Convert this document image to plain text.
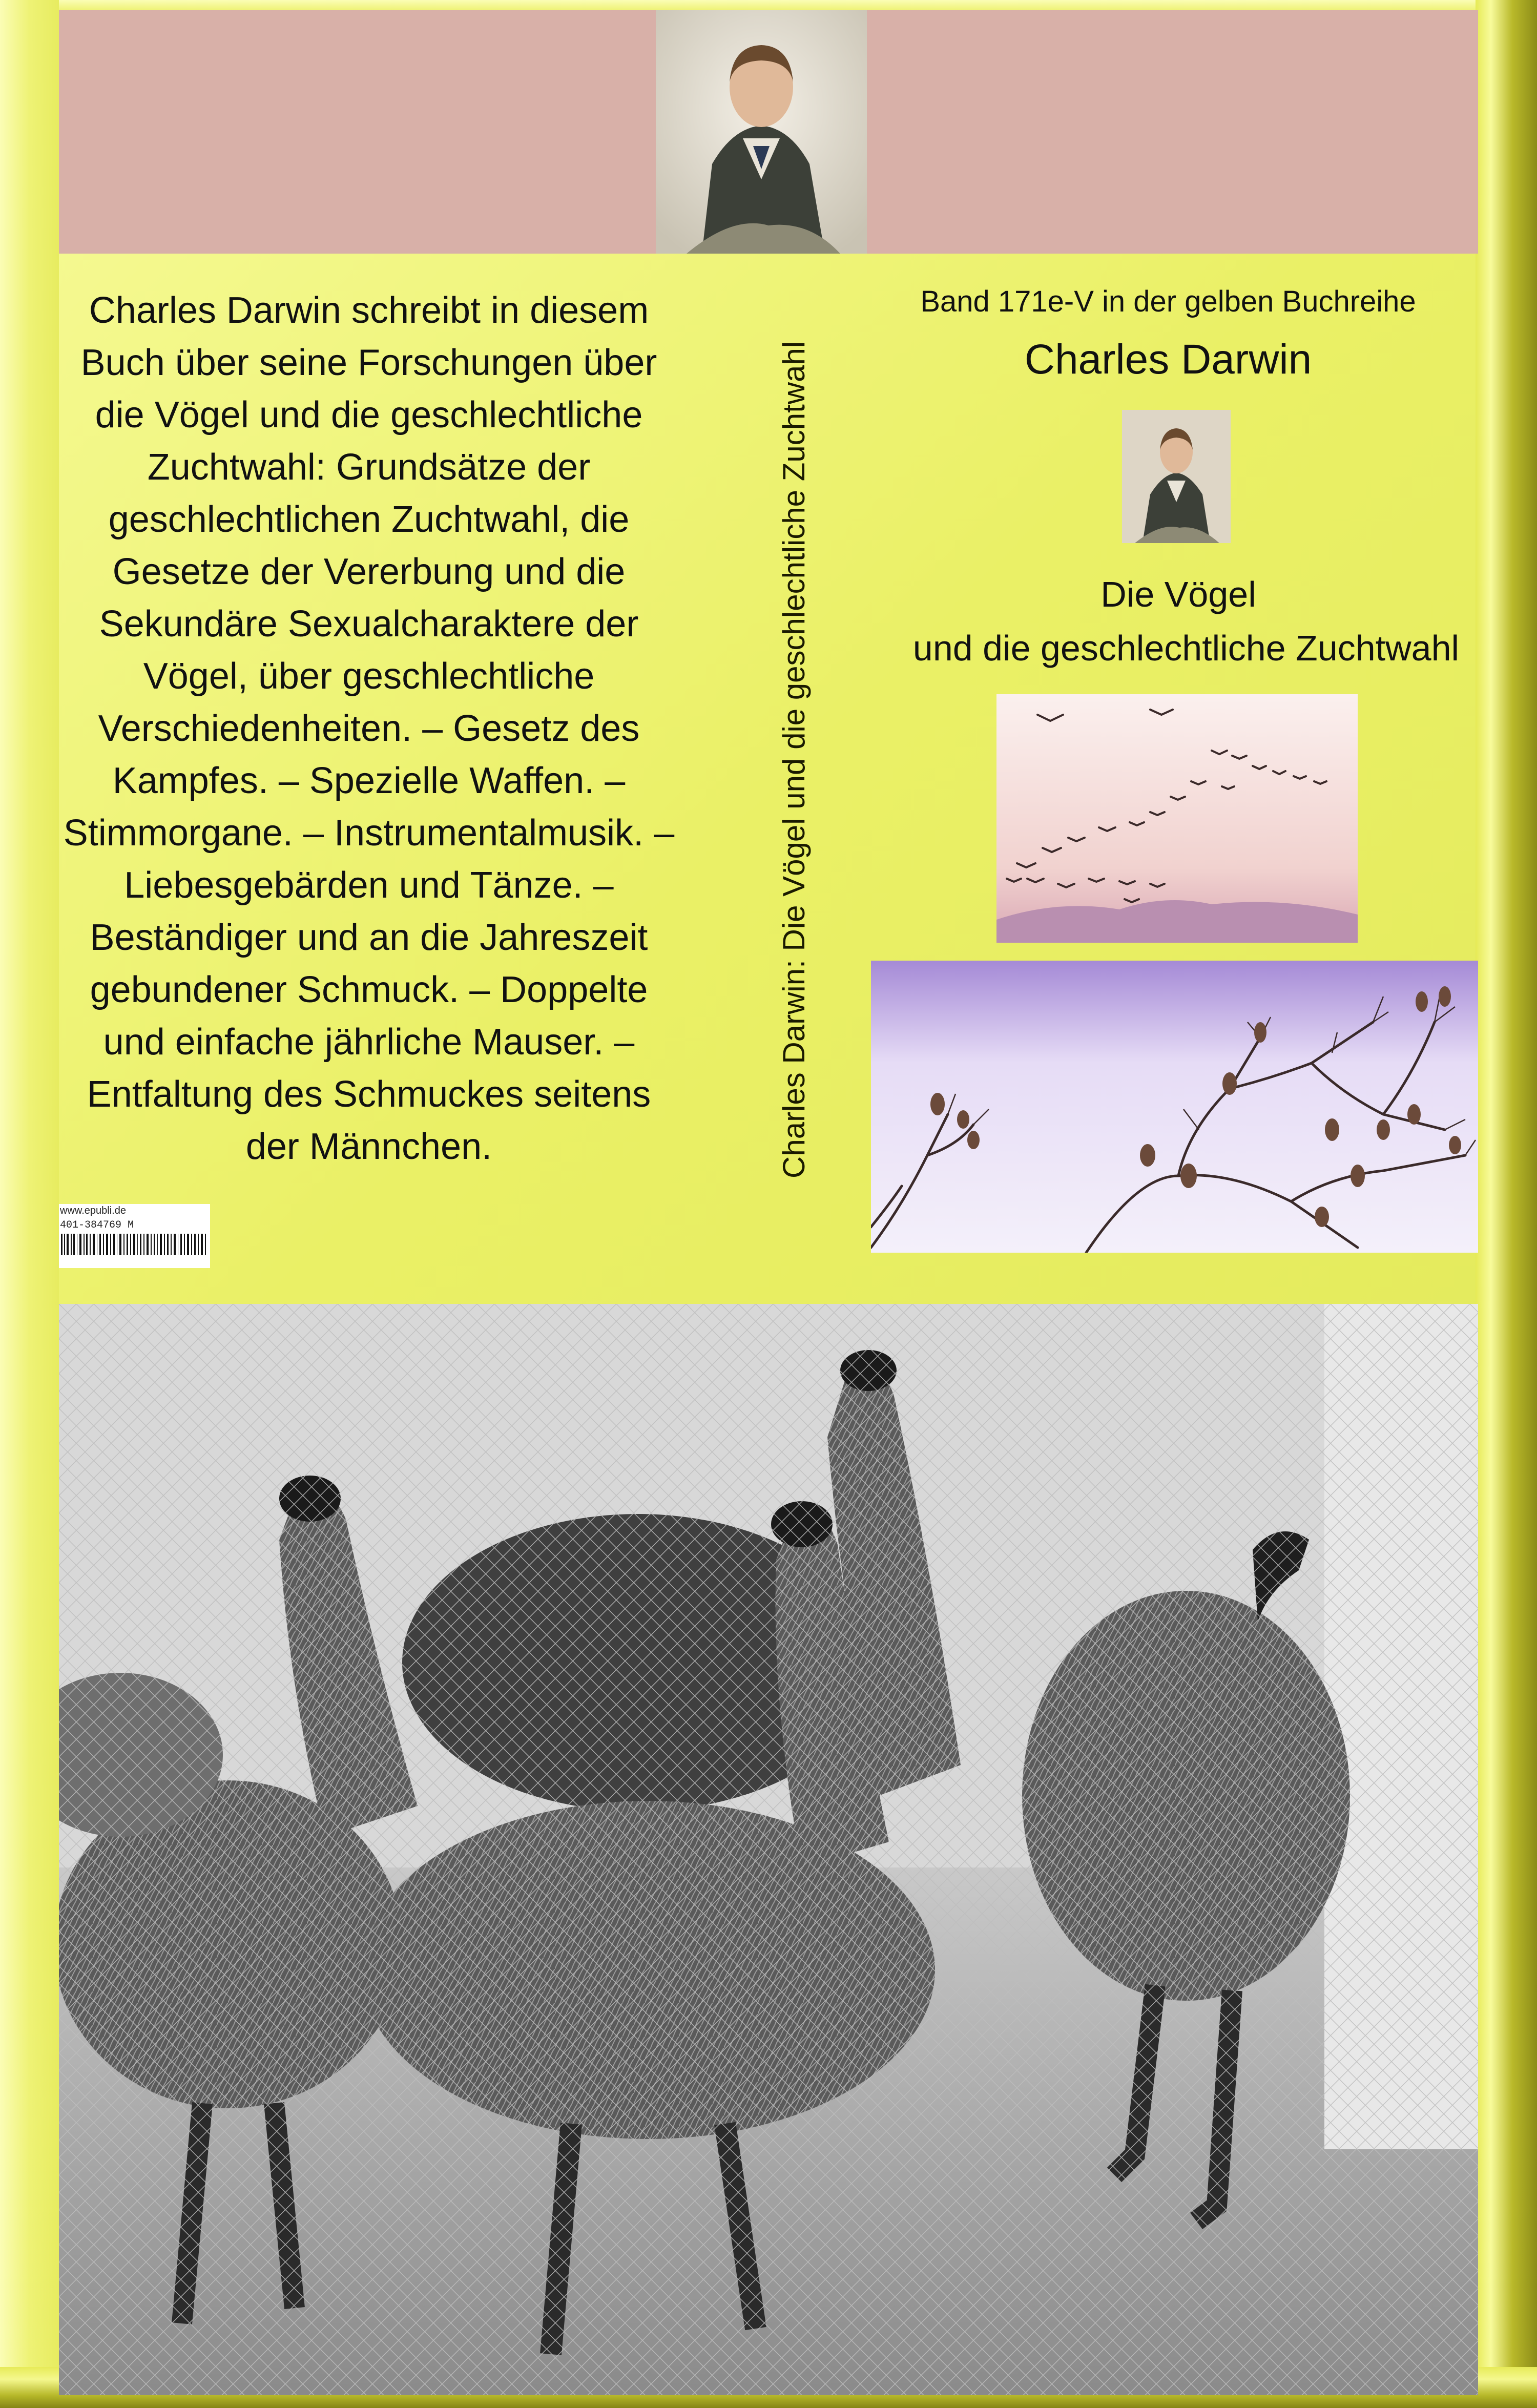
Charles Darwin schreibt in diesem
Buch über seine Forschungen über
die Vögel und die geschlechtliche
Zuchtwahl: Grundsätze der
geschlechtlichen Zuchtwahl, die
Gesetze der Vererbung und die
Sekundäre Sexualcharaktere der
Vögel, über geschlechtliche
Verschiedenheiten. – Gesetz des
Kampfes. – Spezielle Waffen. –
Stimmorgane. – Instrumentalmusik. –
Liebesgebärden und Tänze. –
Beständiger und an die Jahreszeit
gebundener Schmuck. – Doppelte
und einfache jährliche Mauser. –
Entfaltung des Schmuckes seitens
der Männchen.
www.epubli.de
401-384769 M
Charles Darwin: Die Vögel und die geschlechtliche Zuchtwahl
Band 171e-V in der gelben Buchreihe
Charles Darwin
Die Vögel
und die geschlechtliche Zuchtwahl
